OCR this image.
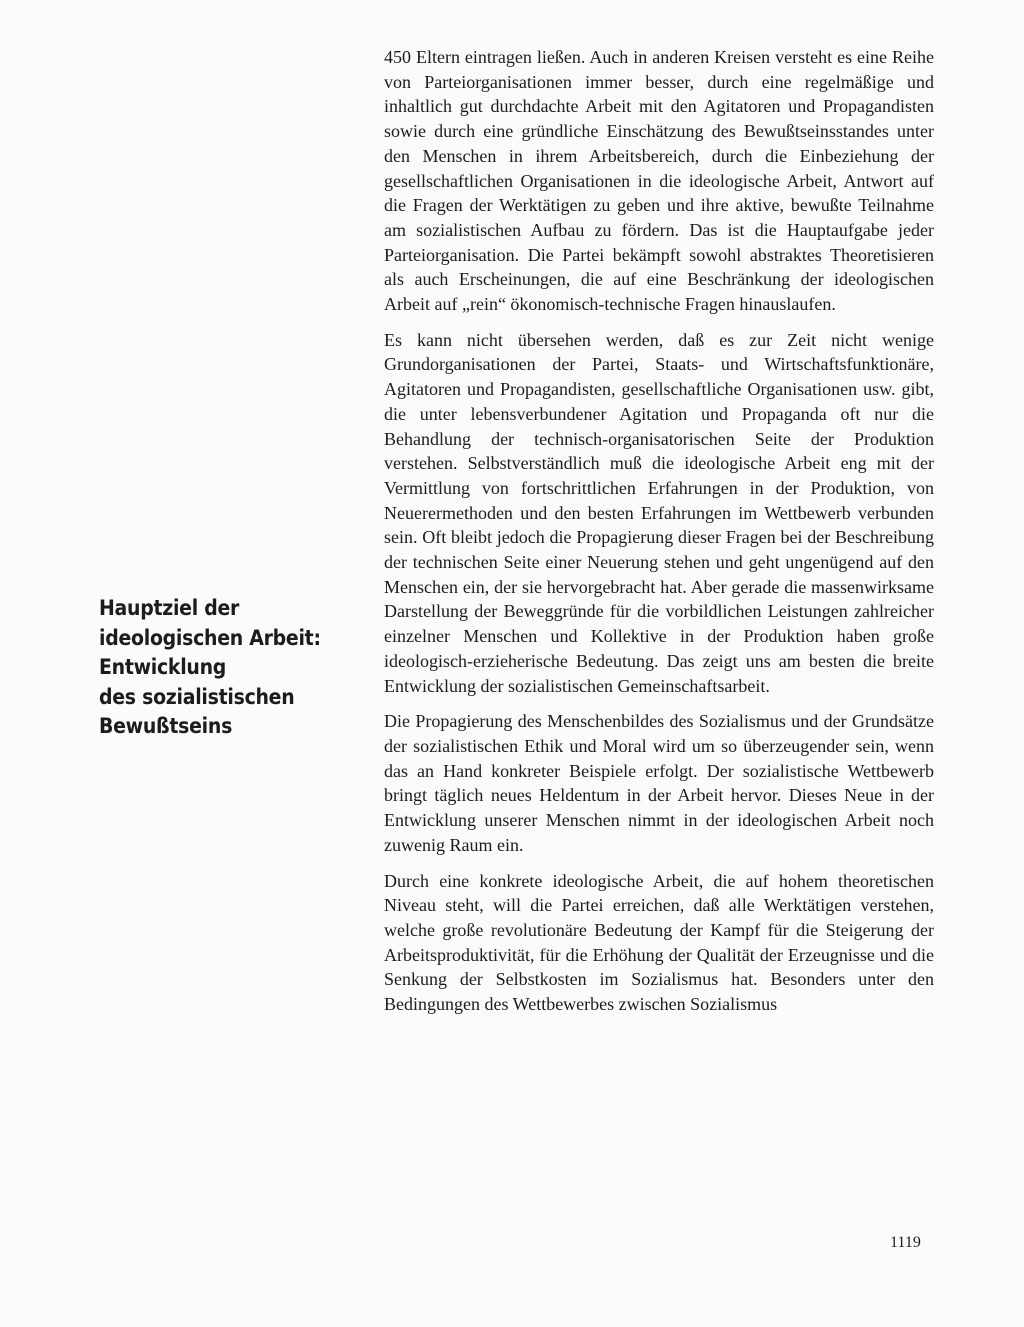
Hauptziel der
ideologischen Arbeit:
Entwicklung
des sozialistischen
Bewußtseins

450 Eltern eintragen ließen. Auch in anderen Kreisen versteht es eine Reihe von Parteiorganisationen immer besser, durch eine regelmäßige und inhaltlich gut durchdachte Arbeit mit den Agitatoren und Propagandisten sowie durch eine gründliche Einschätzung des Bewußtseinsstandes unter den Menschen in ihrem Arbeitsbereich, durch die Einbeziehung der gesellschaftlichen Organisationen in die ideologische Arbeit, Antwort auf die Fragen der Werktätigen zu geben und ihre aktive, bewußte Teilnahme am sozialistischen Aufbau zu fördern. Das ist die Hauptaufgabe jeder Parteiorganisation. Die Partei bekämpft sowohl abstraktes Theoretisieren als auch Erscheinungen, die auf eine Beschränkung der ideologischen Arbeit auf „rein“ ökonomisch-technische Fragen hinauslaufen.

Es kann nicht übersehen werden, daß es zur Zeit nicht wenige Grundorganisationen der Partei, Staats- und Wirtschaftsfunktionäre, Agitatoren und Propagandisten, gesellschaftliche Organisationen usw. gibt, die unter lebensverbundener Agitation und Propaganda oft nur die Behandlung der technisch-organisatorischen Seite der Produktion verstehen. Selbstverständlich muß die ideologische Arbeit eng mit der Vermittlung von fortschrittlichen Erfahrungen in der Produktion, von Neuerermethoden und den besten Erfahrungen im Wettbewerb verbunden sein. Oft bleibt jedoch die Propagierung dieser Fragen bei der Beschreibung der technischen Seite einer Neuerung stehen und geht ungenügend auf den Menschen ein, der sie hervorgebracht hat. Aber gerade die massenwirksame Darstellung der Beweggründe für die vorbildlichen Leistungen zahlreicher einzelner Menschen und Kollektive in der Produktion haben große ideologisch-erzieherische Bedeutung. Das zeigt uns am besten die breite Entwicklung der sozialistischen Gemeinschaftsarbeit.

Die Propagierung des Menschenbildes des Sozialismus und der Grundsätze der sozialistischen Ethik und Moral wird um so überzeugender sein, wenn das an Hand konkreter Beispiele erfolgt. Der sozialistische Wettbewerb bringt täglich neues Heldentum in der Arbeit hervor. Dieses Neue in der Entwicklung unserer Menschen nimmt in der ideologischen Arbeit noch zuwenig Raum ein.

Durch eine konkrete ideologische Arbeit, die auf hohem theoretischen Niveau steht, will die Partei erreichen, daß alle Werktätigen verstehen, welche große revolutionäre Bedeutung der Kampf für die Steigerung der Arbeitsproduktivität, für die Erhöhung der Qualität der Erzeugnisse und die Senkung der Selbstkosten im Sozialismus hat. Besonders unter den Bedingungen des Wettbewerbes zwischen Sozialismus

1119
